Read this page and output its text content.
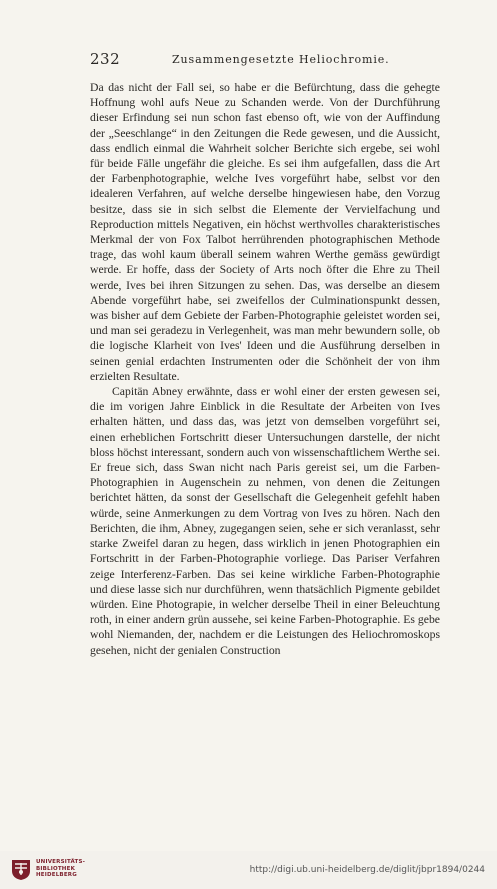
232	Zusammengesetzte Heliochromie.

Da das nicht der Fall sei, so habe er die Befürchtung, dass die gehegte Hoffnung wohl aufs Neue zu Schanden werde. Von der Durchführung dieser Erfindung sei nun schon fast ebenso oft, wie von der Auffindung der „Seeschlange“ in den Zeitungen die Rede gewesen, und die Aussicht, dass endlich einmal die Wahrheit solcher Berichte sich ergebe, sei wohl für beide Fälle ungefähr die gleiche. Es sei ihm aufgefallen, dass die Art der Farbenphotographie, welche Ives vorgeführt habe, selbst vor den idealeren Verfahren, auf welche derselbe hingewiesen habe, den Vorzug besitze, dass sie in sich selbst die Elemente der Vervielfachung und Reproduction mittels Negativen, ein höchst werthvolles charakteristisches Merkmal der von Fox Talbot herrührenden photographischen Methode trage, das wohl kaum überall seinem wahren Werthe gemäss gewürdigt werde. Er hoffe, dass der Society of Arts noch öfter die Ehre zu Theil werde, Ives bei ihren Sitzungen zu sehen. Das, was derselbe an diesem Abende vorgeführt habe, sei zweifellos der Culminationspunkt dessen, was bisher auf dem Gebiete der Farben-Photographie geleistet worden sei, und man sei geradezu in Verlegenheit, was man mehr bewundern solle, ob die logische Klarheit von Ives' Ideen und die Ausführung derselben in seinen genial erdachten Instrumenten oder die Schönheit der von ihm erzielten Resultate.

Capitän Abney erwähnte, dass er wohl einer der ersten gewesen sei, die im vorigen Jahre Einblick in die Resultate der Arbeiten von Ives erhalten hätten, und dass das, was jetzt von demselben vorgeführt sei, einen erheblichen Fortschritt dieser Untersuchungen darstelle, der nicht bloss höchst interessant, sondern auch von wissenschaftlichem Werthe sei. Er freue sich, dass Swan nicht nach Paris gereist sei, um die Farben-Photographien in Augenschein zu nehmen, von denen die Zeitungen berichtet hätten, da sonst der Gesellschaft die Gelegenheit gefehlt haben würde, seine Anmerkungen zu dem Vortrag von Ives zu hören. Nach den Berichten, die ihm, Abney, zugegangen seien, sehe er sich veranlasst, sehr starke Zweifel daran zu hegen, dass wirklich in jenen Photographien ein Fortschritt in der Farben-Photographie vorliege. Das Pariser Verfahren zeige Interferenz-Farben. Das sei keine wirkliche Farben-Photographie und diese lasse sich nur durchführen, wenn thatsächlich Pigmente gebildet würden. Eine Photograpie, in welcher derselbe Theil in einer Beleuchtung roth, in einer andern grün aussehe, sei keine Farben-Photographie. Es gebe wohl Niemanden, der, nachdem er die Leistungen des Heliochromoskops gesehen, nicht der genialen Construction

UNIVERSITÄTS-
BIBLIOTHEK
HEIDELBERG
http://digi.ub.uni-heidelberg.de/diglit/jbpr1894/0244
